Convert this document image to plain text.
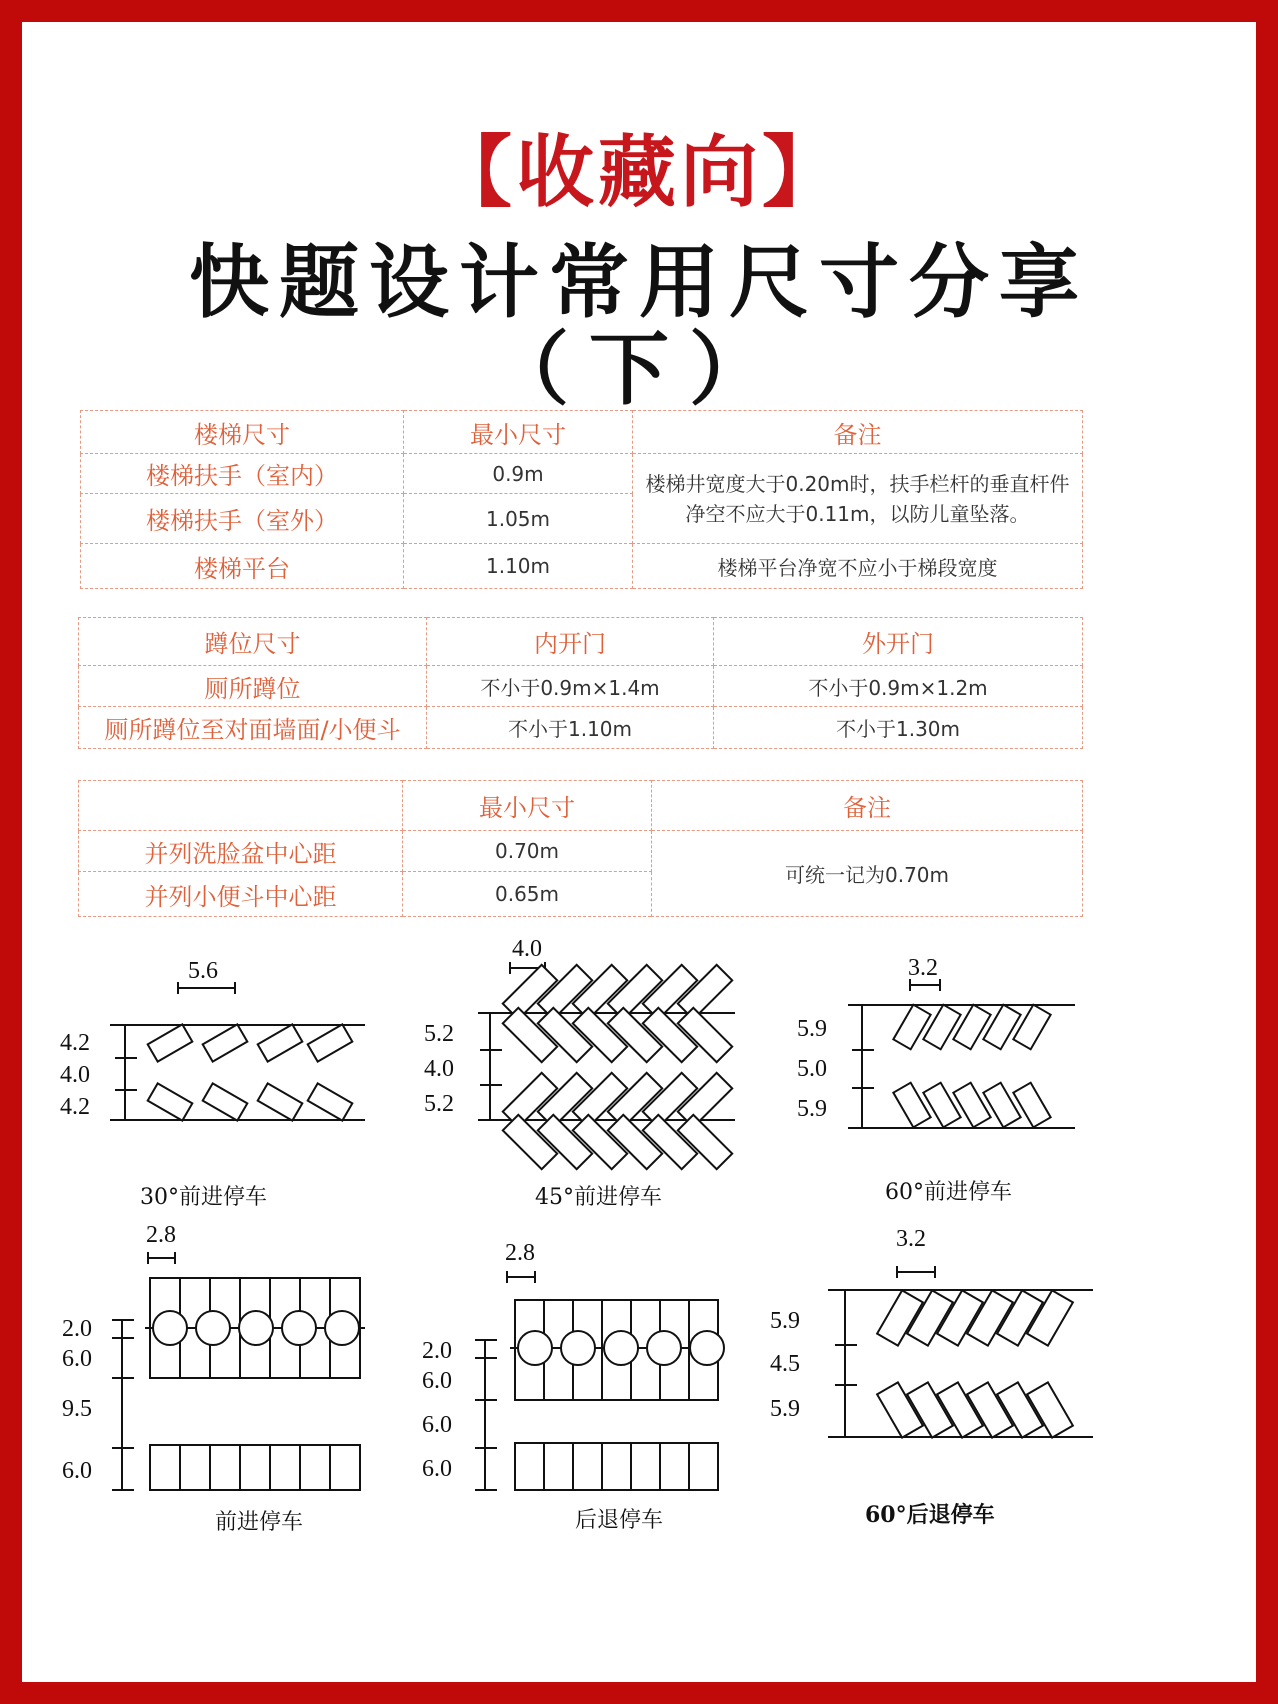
【收藏向】
快题设计常用尺寸分享
（下）
楼梯尺寸	最小尺寸	备注
楼梯扶手（室内）	0.9m	楼梯井宽度大于0.20m时，扶手栏杆的垂直杆件净空不应大于0.11m，以防儿童坠落。
楼梯扶手（室外）	1.05m	
楼梯平台	1.10m	楼梯平台净宽不应小于梯段宽度
蹲位尺寸	内开门	外开门
厕所蹲位	不小于0.9m×1.4m	不小于0.9m×1.2m
厕所蹲位至对面墙面/小便斗	不小于1.10m	不小于1.30m
	最小尺寸	备注
并列洗脸盆中心距	0.70m	可统一记为0.70m
并列小便斗中心距	0.65m	
5.6
4.2
4.0
4.2
30°前进停车
4.0
5.2
4.0
5.2
45°前进停车
3.2
5.9
5.0
5.9
60°前进停车
2.8
2.0
6.0
9.5
6.0
前进停车
2.8
2.0
6.0
6.0
6.0
后退停车
3.2
5.9
4.5
5.9
60°后退停车
